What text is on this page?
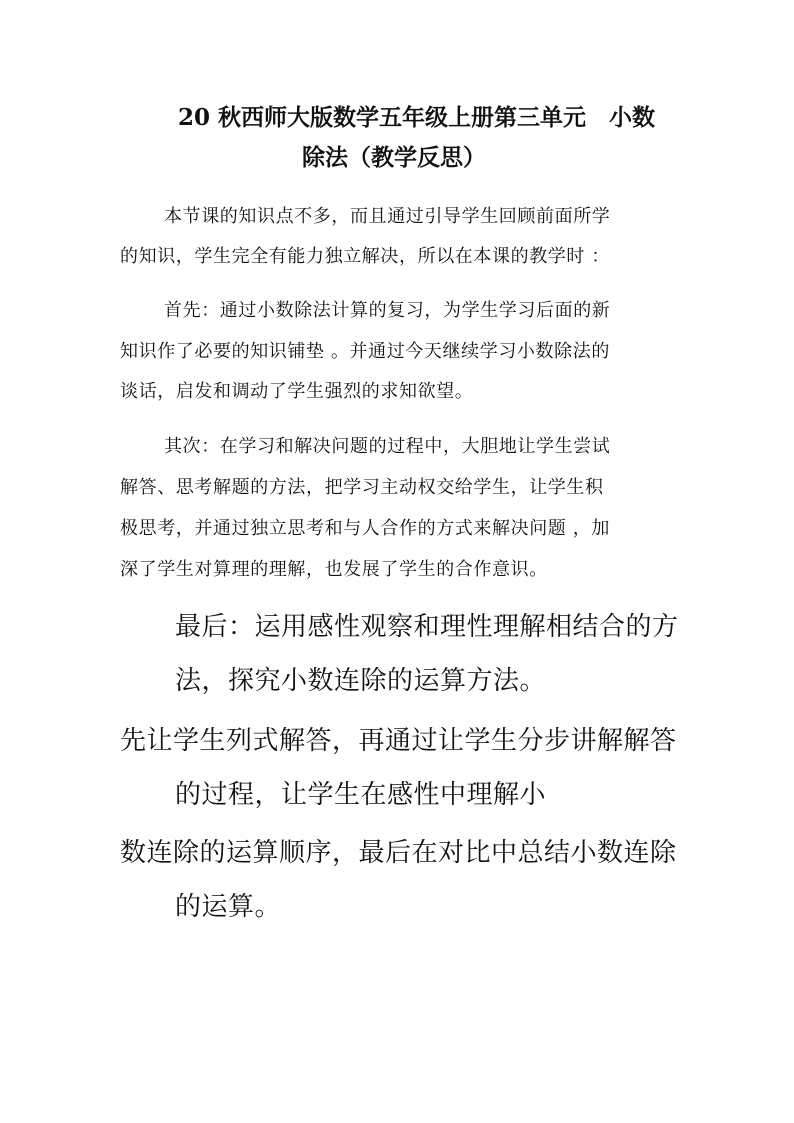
20 秋西师大版数学五年级上册第三单元　小数
除法（教学反思）
本节课的知识点不多，而且通过引导学生回顾前面所学
的知识，学生完全有能力独立解决，所以在本课的教学时 ：
首先：通过小数除法计算的复习，为学生学习后面的新
知识作了必要的知识铺垫 。并通过今天继续学习小数除法的
谈话，启发和调动了学生强烈的求知欲望。
其次：在学习和解决问题的过程中，大胆地让学生尝试
解答、思考解题的方法，把学习主动权交给学生，让学生积
极思考，并通过独立思考和与人合作的方式来解决问题 ，加
深了学生对算理的理解，也发展了学生的合作意识。
最后：运用感性观察和理性理解相结合的方
法，探究小数连除的运算方法。
先让学生列式解答，再通过让学生分步讲解解答
的过程，让学生在感性中理解小
数连除的运算顺序，最后在对比中总结小数连除
的运算。
